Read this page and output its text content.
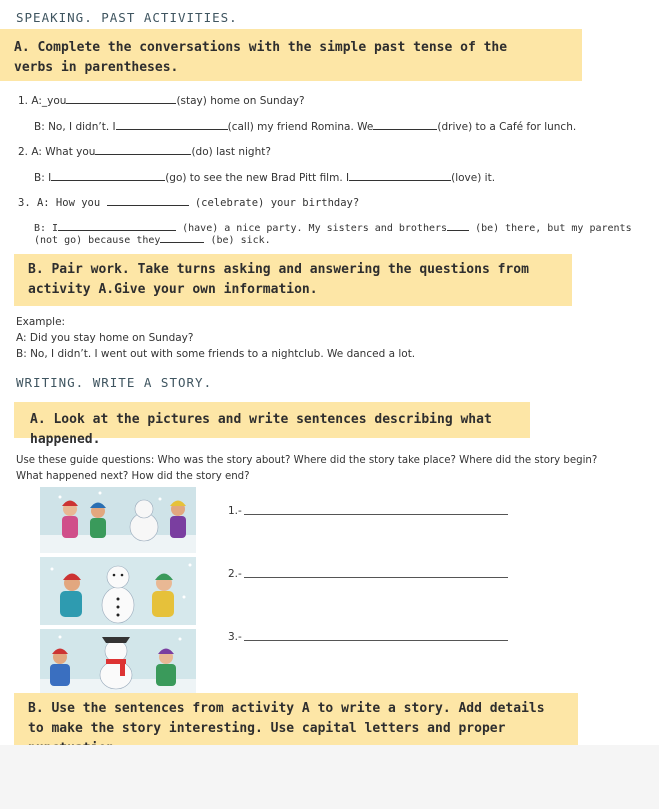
SPEAKING. PAST ACTIVITIES.
A. Complete the conversations with the simple past tense of the verbs in parentheses.
1. A:_you	(stay) home on Sunday?
B: No, I didn’t. I	(call) my friend Romina. We	(drive) to a Café for lunch.
2. A: What you	(do) last night?
B: I	(go) to see the new Brad Pitt film. I	(love) it.
3. A: How you	(celebrate) your birthday?
B: I	(have) a nice party. My sisters and brothers	(be) there, but my parents
(not go) because they	(be) sick.
B. Pair work. Take turns asking and answering the questions from activity A.Give your own information.
Example:
A: Did you stay home on Sunday?
B: No, I didn’t. I went out with some friends to a nightclub. We danced a lot.
WRITING. WRITE A STORY.
A. Look at the pictures and write sentences describing what happened.
Use these guide questions: Who was the story about? Where did the story take place? Where did the story begin?
What happened next? How did the story end?
1.-
2.-
3.-
B. Use the sentences from activity A to write a story. Add details to make the story interesting. Use capital letters and proper
